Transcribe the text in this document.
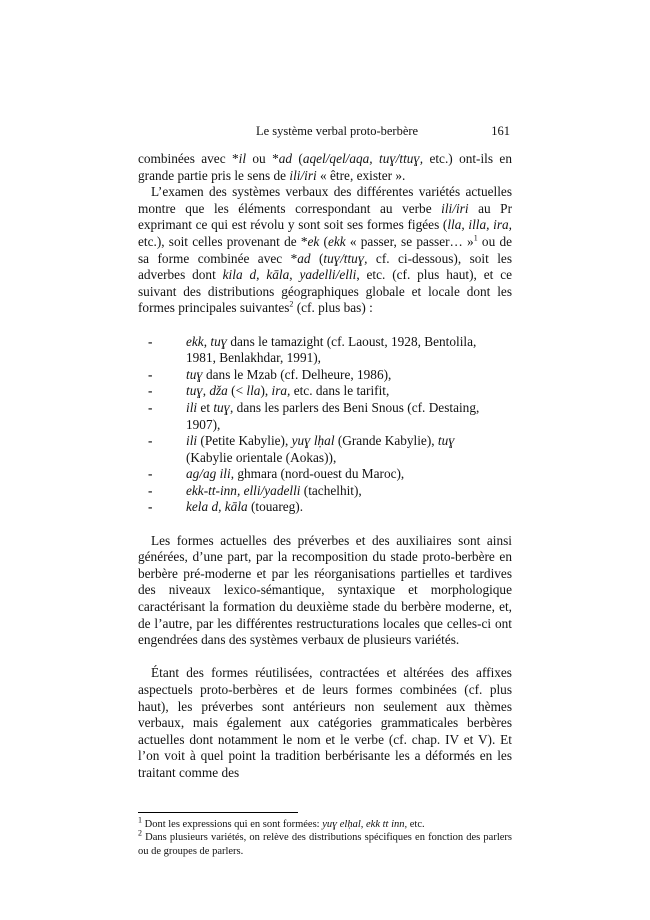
Le système verbal proto-berbère	161

combinées avec *il ou *ad (aqel/qel/aqa, tuɣ/ttuɣ, etc.) ont-ils en grande partie pris le sens de ili/iri « être, exister ».

L’examen des systèmes verbaux des différentes variétés actuelles montre que les éléments correspondant au verbe ili/iri au Pr exprimant ce qui est révolu y sont soit ses formes figées (lla, illa, ira, etc.), soit celles provenant de *ek (ekk « passer, se passer… »$^1$ ou de sa forme combinée avec *ad (tuɣ/ttuɣ, cf. ci-dessous), soit les adverbes dont kila d, kāla, yadelli/elli, etc. (cf. plus haut), et ce suivant des distributions géographiques globale et locale dont les formes principales suivantes$^2$ (cf. plus bas) :

-	ekk, tuɣ dans le tamazight (cf. Laoust, 1928, Bentolila, 1981, Benlakhdar, 1991),
-	tuɣ dans le Mzab (cf. Delheure, 1986),
-	tuɣ, dža (< lla), ira, etc. dans le tarifit,
-	ili et tuɣ, dans les parlers des Beni Snous (cf. Destaing, 1907),
-	ili (Petite Kabylie), yuɣ lḥal (Grande Kabylie), tuɣ (Kabylie orientale (Aokas)),
-	ag/ag ili, ghmara (nord-ouest du Maroc),
-	ekk-tt-inn, elli/yadelli (tachelhit),
-	kela d, kāla (touareg).

Les formes actuelles des préverbes et des auxiliaires sont ainsi générées, d’une part, par la recomposition du stade proto-berbère en berbère pré-moderne et par les réorganisations partielles et tardives des niveaux lexico-sémantique, syntaxique et morphologique caractérisant la formation du deuxième stade du berbère moderne, et, de l’autre, par les différentes restructurations locales que celles-ci ont engendrées dans des systèmes verbaux de plusieurs variétés.

Étant des formes réutilisées, contractées et altérées des affixes aspectuels proto-berbères et de leurs formes combinées (cf. plus haut), les préverbes sont antérieurs non seulement aux thèmes verbaux, mais également aux catégories grammaticales berbères actuelles dont notamment le nom et le verbe (cf. chap. IV et V). Et l’on voit à quel point la tradition berbérisante les a déformés en les traitant comme des

$^1$ Dont les expressions qui en sont formées: yuɣ elḥal, ekk tt inn, etc.

$^2$ Dans plusieurs variétés, on relève des distributions spécifiques en fonction des parlers ou de groupes de parlers.
